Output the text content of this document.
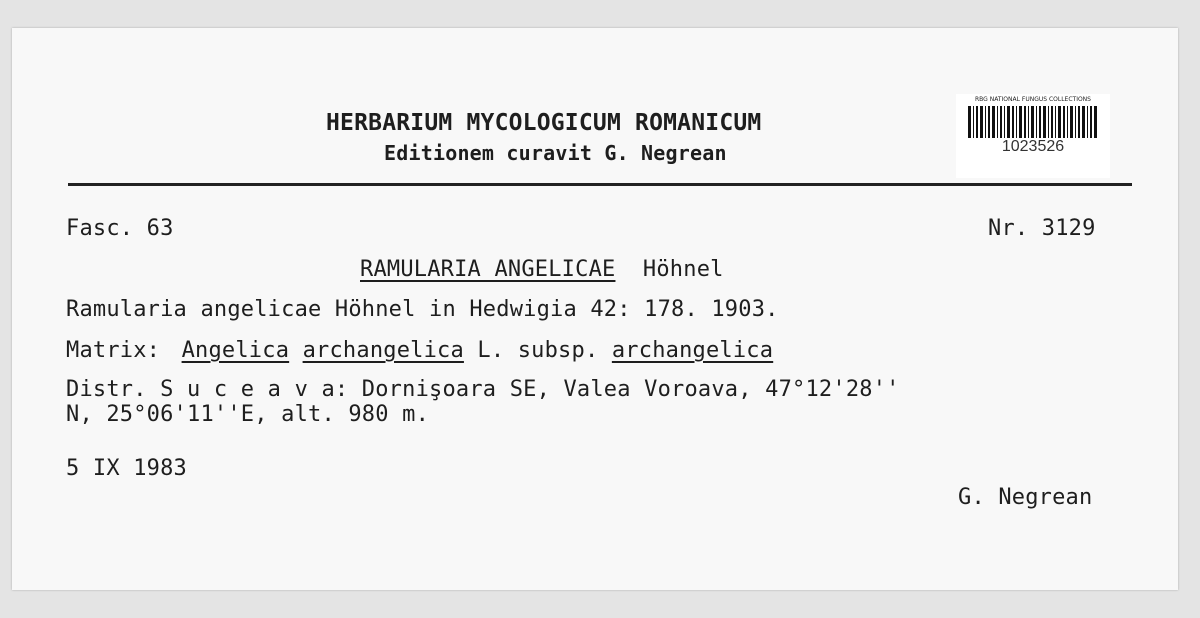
HERBARIUM MYCOLOGICUM ROMANICUM
Editionem curavit G. Negrean
RBG NATIONAL FUNGUS COLLECTIONS
1023526
Fasc. 63	Nr. 3129
RAMULARIA ANGELICAE Höhnel
Ramularia angelicae Höhnel in Hedwigia 42: 178. 1903.
Matrix: Angelica archangelica L. subsp. archangelica
Distr. S u c e a v a: Dornişoara SE, Valea Voroava, 47°12'28''
N, 25°06'11''E, alt. 980 m.
5 IX 1983
G. Negrean
